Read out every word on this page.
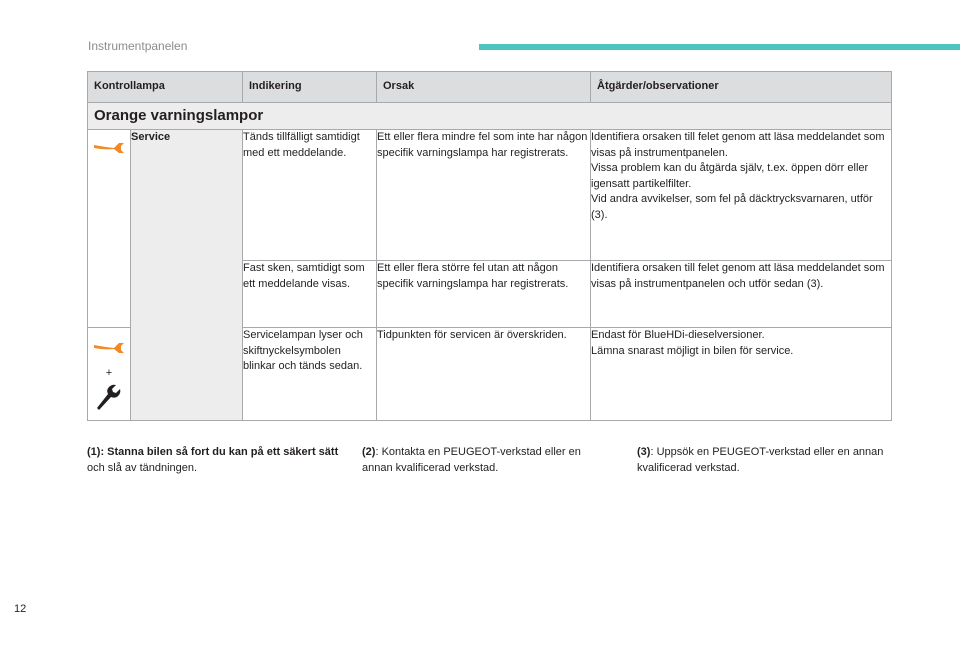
Instrumentpanelen
Kontrollampa		Indikering	Orsak	Åtgärder/observationer
Orange varningslampor				

	Service	Tänds tillfälligt samtidigt med ett meddelande.	Ett eller flera mindre fel som inte har någon specifik varningslampa har registrerats.	Identifiera orsaken till felet genom att läsa meddelandet som visas på instrumentpanelen.
Vissa problem kan du åtgärda själv, t.ex. öppen dörr eller igensatt partikelfilter.
Vid andra avvikelser, som fel på däcktrycksvarnaren, utför (3).

		Fast sken, samtidigt som ett meddelande visas.	Ett eller flera större fel utan att någon specifik varningslampa har registrerats.	Identifiera orsaken till felet genom att läsa meddelandet som visas på instrumentpanelen och utför sedan (3).

+		Servicelampan lyser och skiftnyckelsymbolen blinkar och tänds sedan.	Tidpunkten för servicen är överskriden.	Endast för BlueHDi-dieselversioner.
Lämna snarast möjligt in bilen för service.
(1): Stanna bilen så fort du kan på ett säkert sätt och slå av tändningen.
(2): Kontakta en PEUGEOT-verkstad eller en annan kvalificerad verkstad.
(3): Uppsök en PEUGEOT-verkstad eller en annan kvalificerad verkstad.
12
